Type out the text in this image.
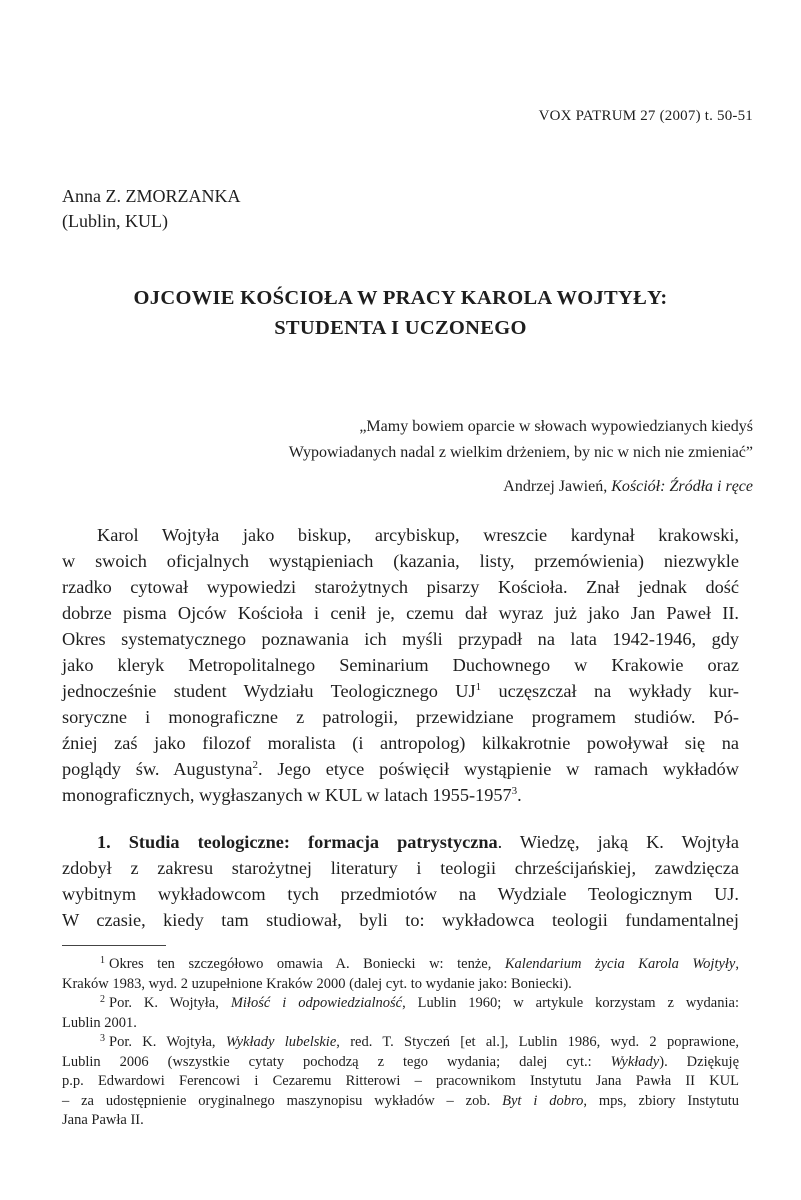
VOX PATRUM 27 (2007) t. 50-51
Anna Z. ZMORZANKA
(Lublin, KUL)
OJCOWIE KOŚCIOŁA W PRACY KAROLA WOJTYŁY:
STUDENTA I UCZONEGO
„Mamy bowiem oparcie w słowach wypowiedzianych kiedyś
Wypowiadanych nadal z wielkim drżeniem, by nic w nich nie zmieniać”
Andrzej Jawień, Kościół: Źródła i ręce
Karol Wojtyła jako biskup, arcybiskup, wreszcie kardynał krakowski,
w swoich oficjalnych wystąpieniach (kazania, listy, przemówienia) niezwykle
rzadko cytował wypowiedzi starożytnych pisarzy Kościoła. Znał jednak dość
dobrze pisma Ojców Kościoła i cenił je, czemu dał wyraz już jako Jan Paweł II.
Okres systematycznego poznawania ich myśli przypadł na lata 1942-1946, gdy
jako kleryk Metropolitalnego Seminarium Duchownego w Krakowie oraz
jednocześnie student Wydziału Teologicznego $UJ^1$ uczęszczał na wykłady kur-
soryczne i monograficzne z patrologii, przewidziane programem studiów. Pó-
źniej zaś jako filozof moralista (i antropolog) kilkakrotnie powoływał się na
poglądy św. Augustyna$^2$. Jego etyce poświęcił wystąpienie w ramach wykładów
monograficznych, wygłaszanych w KUL w latach 1955-1957$^3$.
1. Studia teologiczne: formacja patrystyczna. Wiedzę, jaką K. Wojtyła
zdobył z zakresu starożytnej literatury i teologii chrześcijańskiej, zawdzięcza
wybitnym wykładowcom tych przedmiotów na Wydziale Teologicznym UJ.
W czasie, kiedy tam studiował, byli to: wykładowca teologii fundamentalnej
$^1$ Okres ten szczegółowo omawia A. Boniecki w: tenże, Kalendarium życia Karola Wojtyły,
Kraków 1983, wyd. 2 uzupełnione Kraków 2000 (dalej cyt. to wydanie jako: Boniecki).
$^2$ Por. K. Wojtyła, Miłość i odpowiedzialność, Lublin 1960; w artykule korzystam z wydania:
Lublin 2001.
$^3$ Por. K. Wojtyła, Wykłady lubelskie, red. T. Styczeń [et al.], Lublin 1986, wyd. 2 poprawione,
Lublin 2006 (wszystkie cytaty pochodzą z tego wydania; dalej cyt.: Wykłady). Dziękuję
p.p. Edwardowi Ferencowi i Cezaremu Ritterowi – pracownikom Instytutu Jana Pawła II KUL
– za udostępnienie oryginalnego maszynopisu wykładów – zob. Byt i dobro, mps, zbiory Instytutu
Jana Pawła II.
